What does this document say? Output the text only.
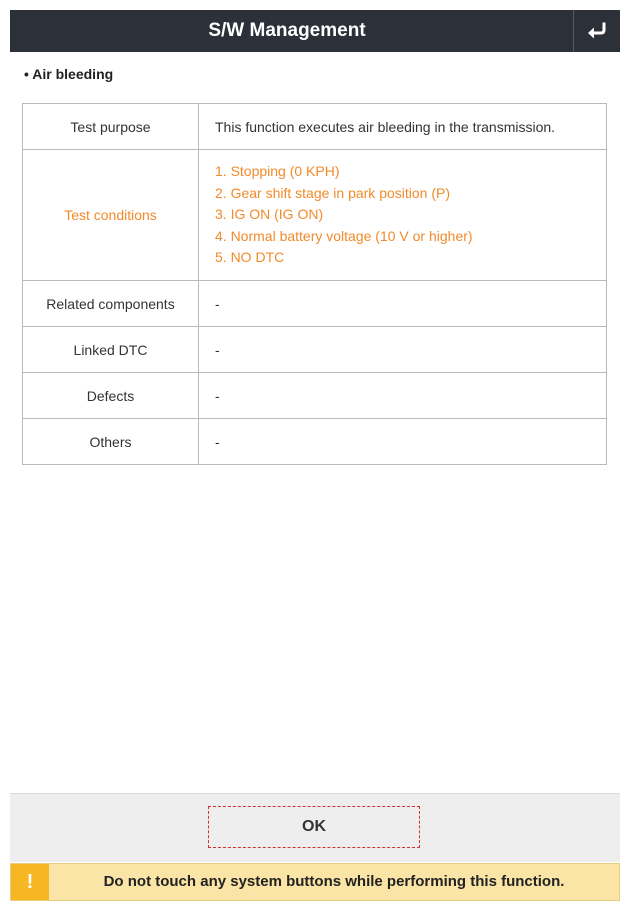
S/W Management
• Air bleeding
Test purpose	This function executes air bleeding in the transmission.
Test conditions	1. Stopping (0 KPH)
2. Gear shift stage in park position (P)
3. IG ON (IG ON)
4. Normal battery voltage (10 V or higher)
5. NO DTC

Related components	-
Linked DTC	-
Defects	-
Others	-
OK
!	Do not touch any system buttons while performing this function.
